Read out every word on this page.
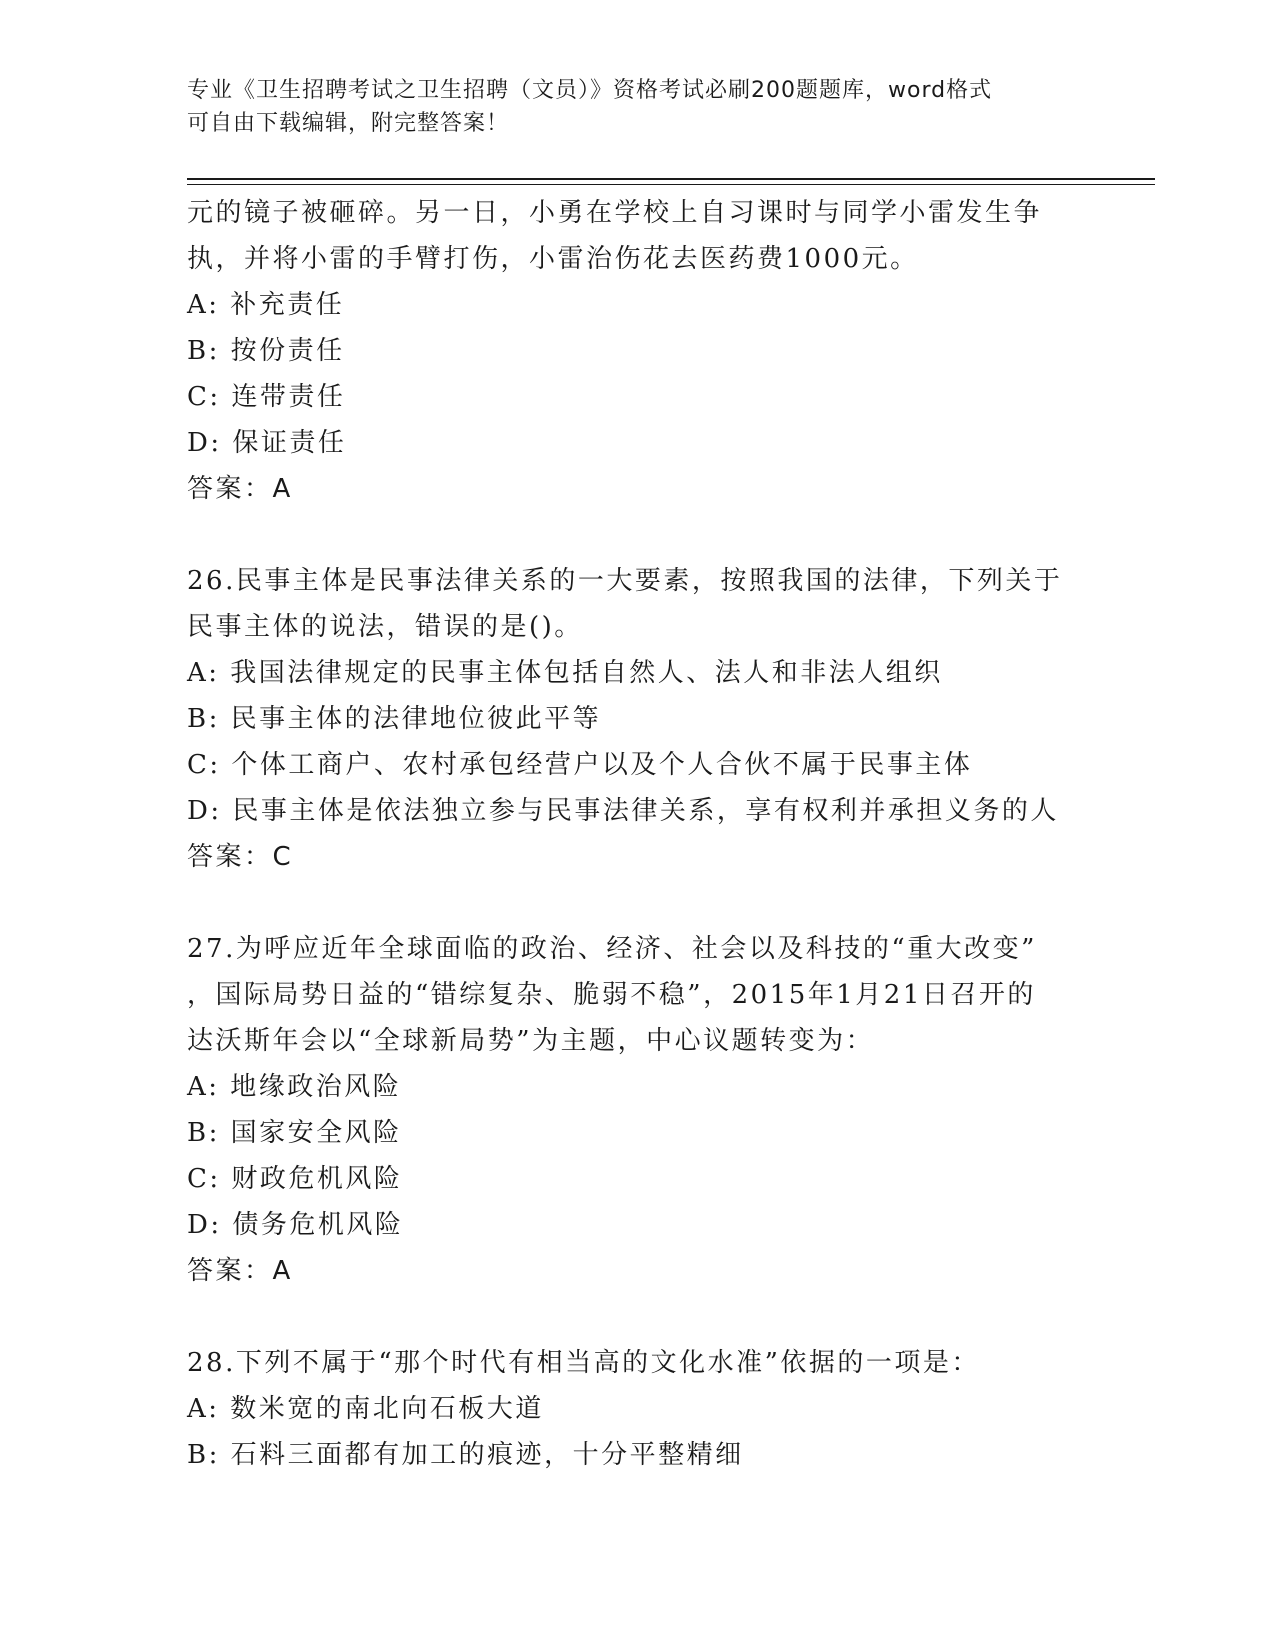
专业《卫生招聘考试之卫生招聘（文员）》资格考试必刷200题题库，word格式
可自由下载编辑，附完整答案！
元的镜子被砸碎。另一日，小勇在学校上自习课时与同学小雷发生争
执，并将小雷的手臂打伤，小雷治伤花去医药费1000元。
A: 补充责任
B: 按份责任
C: 连带责任
D: 保证责任
答案：A
26.民事主体是民事法律关系的一大要素，按照我国的法律，下列关于
民事主体的说法，错误的是()。
A: 我国法律规定的民事主体包括自然人、法人和非法人组织
B: 民事主体的法律地位彼此平等
C: 个体工商户、农村承包经营户以及个人合伙不属于民事主体
D: 民事主体是依法独立参与民事法律关系，享有权利并承担义务的人
答案：C
27.为呼应近年全球面临的政治、经济、社会以及科技的“重大改变”
，国际局势日益的“错综复杂、脆弱不稳”，2015年1月21日召开的
达沃斯年会以“全球新局势”为主题，中心议题转变为：
A: 地缘政治风险
B: 国家安全风险
C: 财政危机风险
D: 债务危机风险
答案：A
28.下列不属于“那个时代有相当高的文化水准”依据的一项是：
A: 数米宽的南北向石板大道
B: 石料三面都有加工的痕迹，十分平整精细
